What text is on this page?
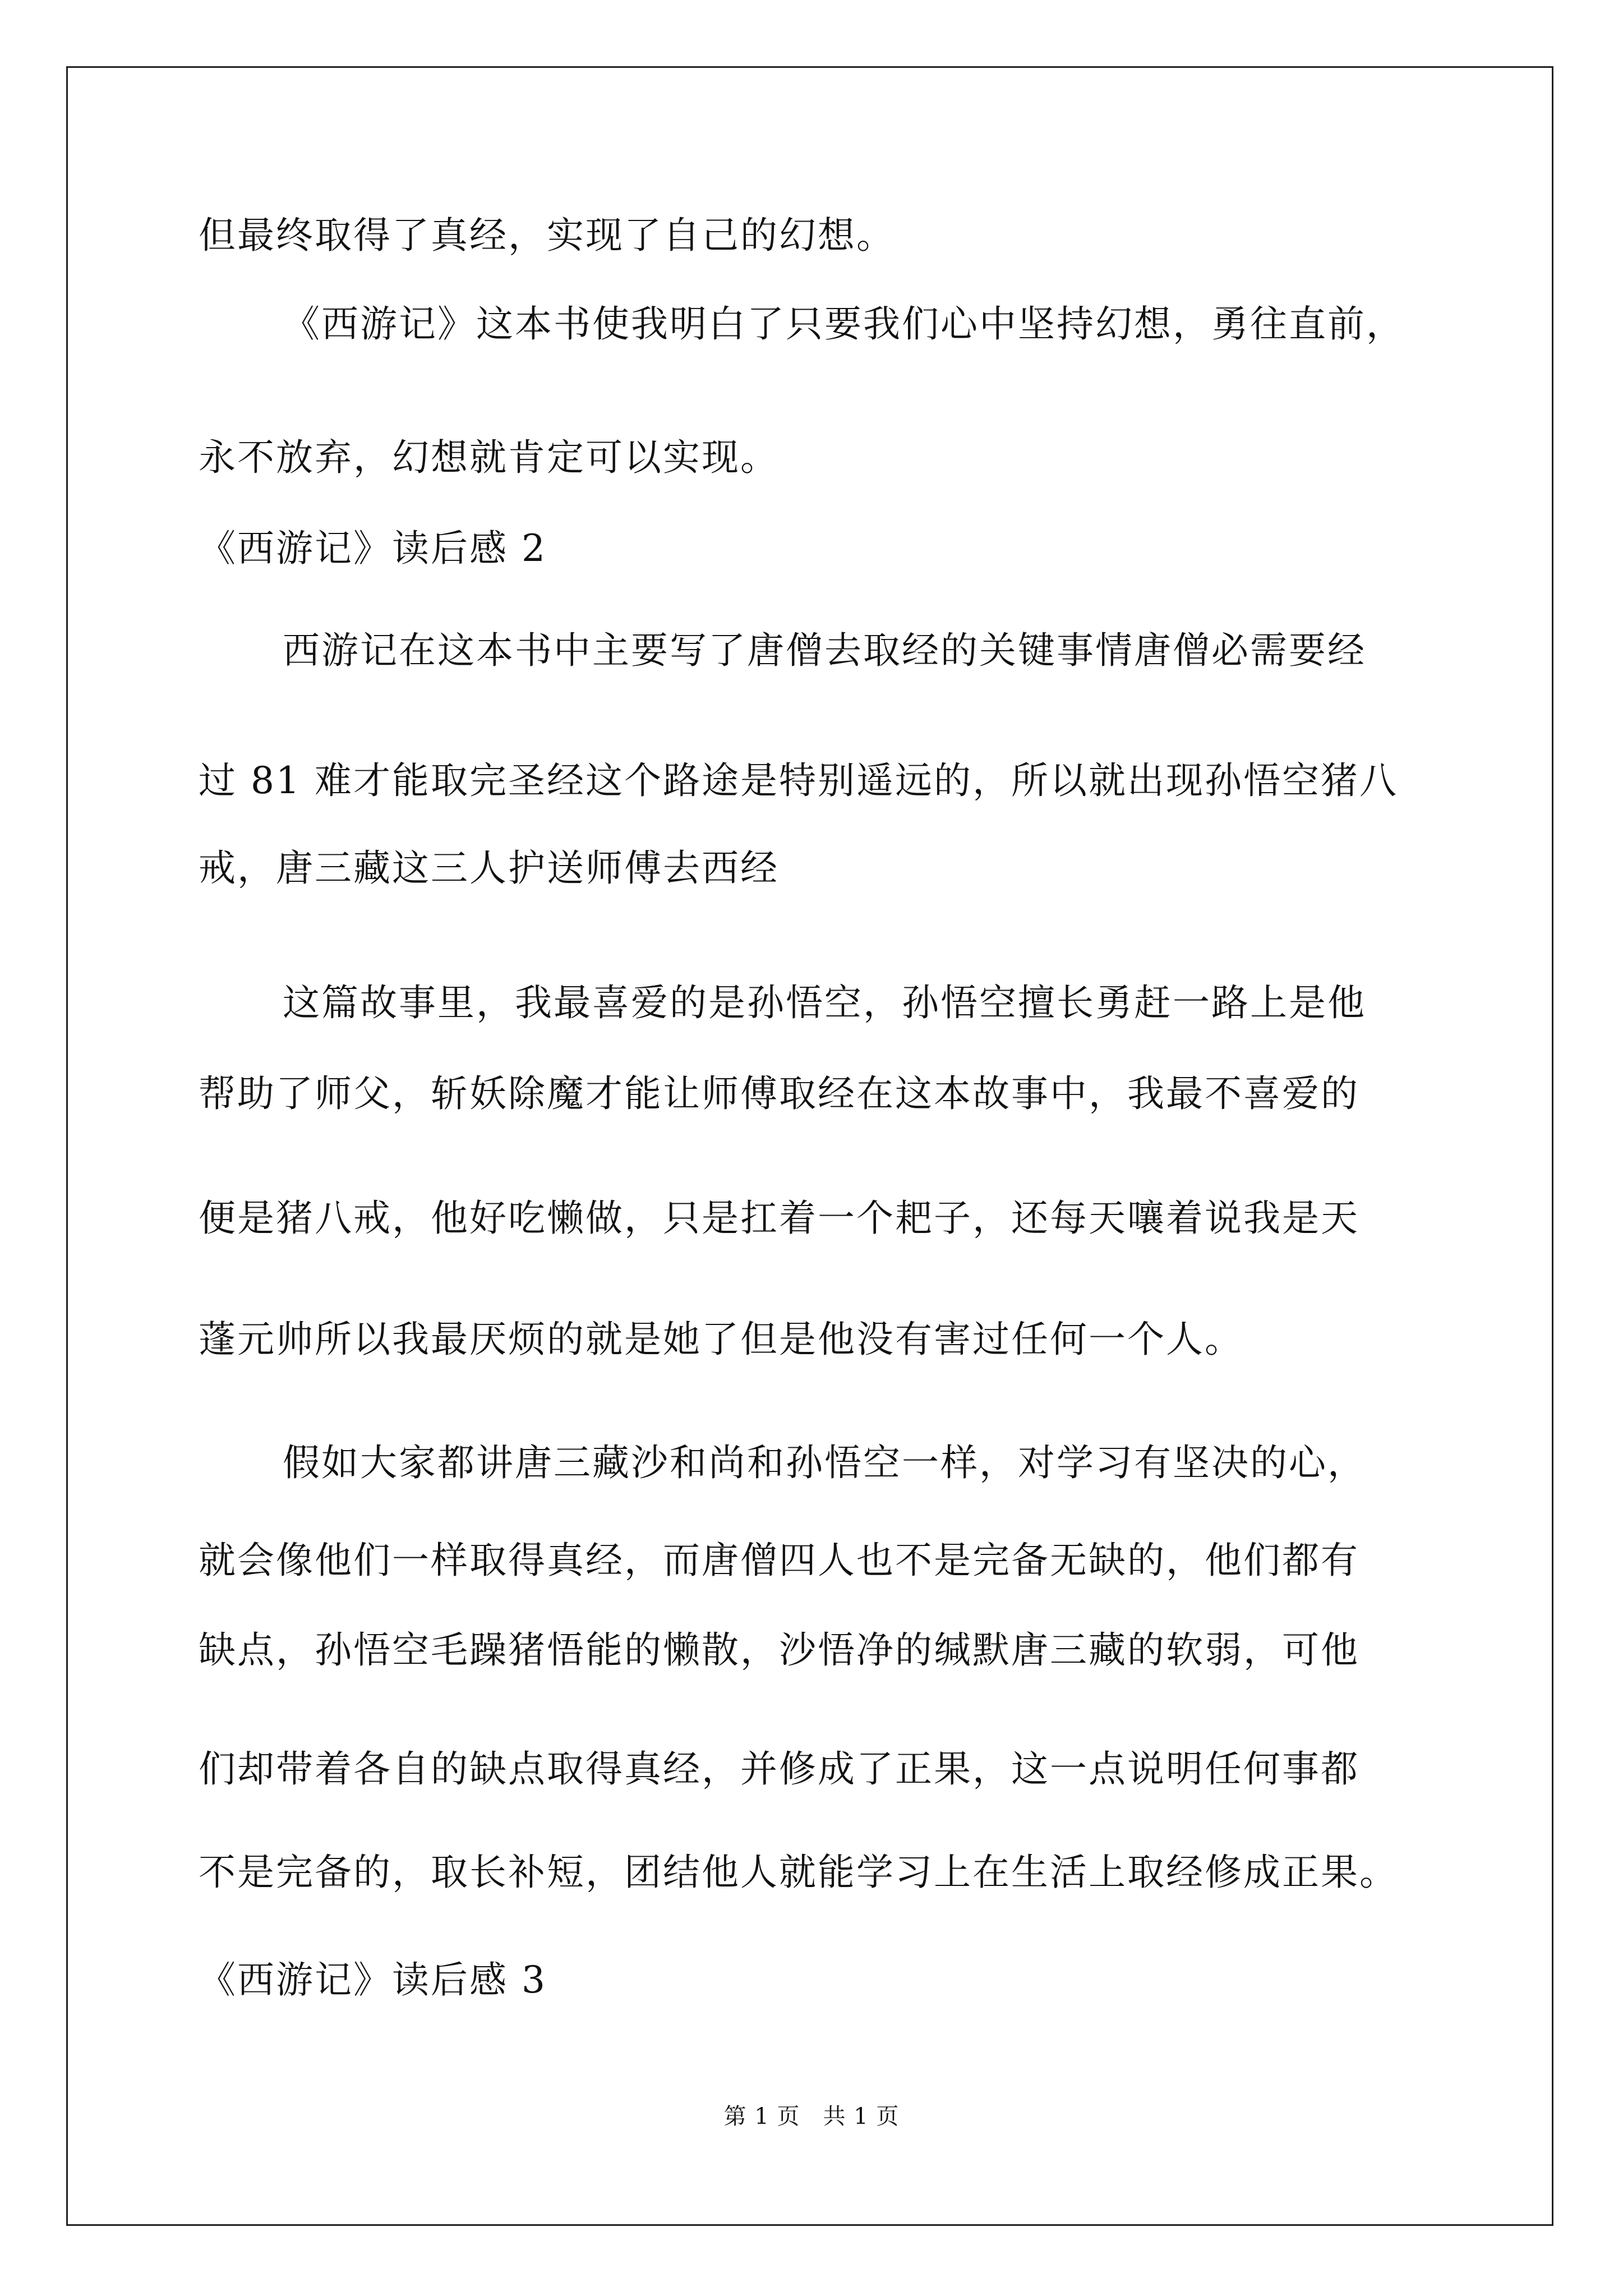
但最终取得了真经，实现了自己的幻想。
《西游记》这本书使我明白了只要我们心中坚持幻想，勇往直前，
永不放弃，幻想就肯定可以实现。
《西游记》读后感 2
西游记在这本书中主要写了唐僧去取经的关键事情唐僧必需要经
过 81 难才能取完圣经这个路途是特别遥远的，所以就出现孙悟空猪八
戒，唐三藏这三人护送师傅去西经
这篇故事里，我最喜爱的是孙悟空，孙悟空擅长勇赶一路上是他
帮助了师父，斩妖除魔才能让师傅取经在这本故事中，我最不喜爱的
便是猪八戒，他好吃懒做，只是扛着一个耙子，还每天嚷着说我是天
蓬元帅所以我最厌烦的就是她了但是他没有害过任何一个人。
假如大家都讲唐三藏沙和尚和孙悟空一样，对学习有坚决的心，
就会像他们一样取得真经，而唐僧四人也不是完备无缺的，他们都有
缺点，孙悟空毛躁猪悟能的懒散，沙悟净的缄默唐三藏的软弱，可他
们却带着各自的缺点取得真经，并修成了正果，这一点说明任何事都
不是完备的，取长补短，团结他人就能学习上在生活上取经修成正果。
《西游记》读后感 3
第 1 页　共 1 页
